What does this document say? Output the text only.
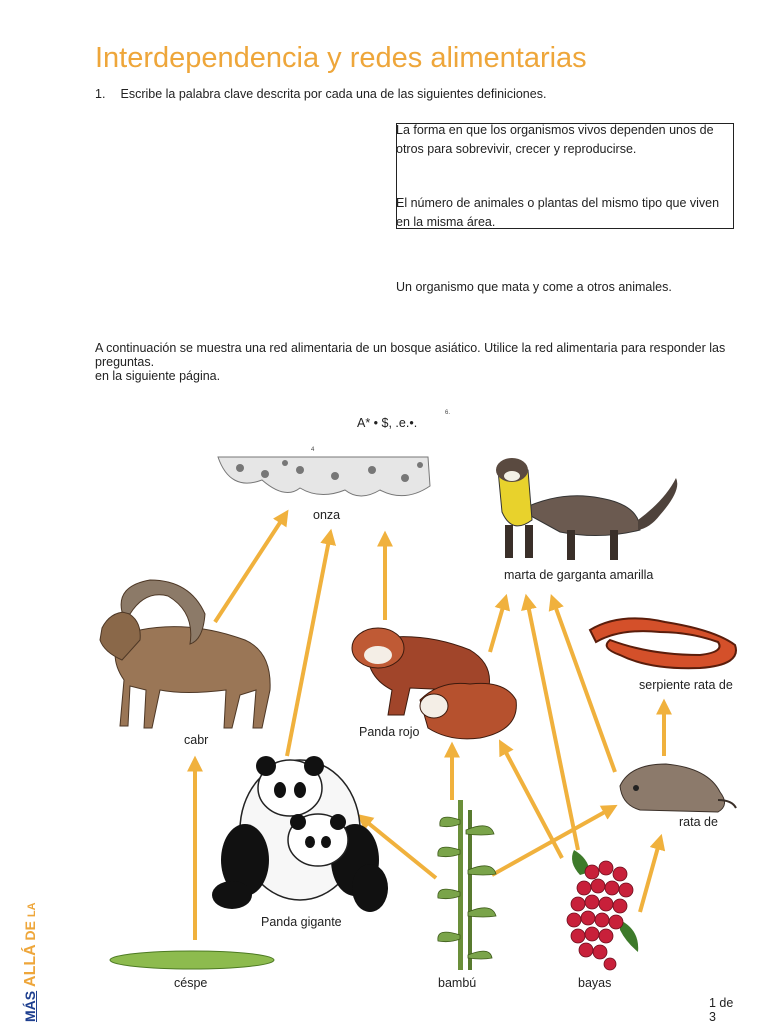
Interdependencia y redes alimentarias
1. Escribe la palabra clave descrita por cada una de las siguientes definiciones.
La forma en que los organismos vivos dependen unos de otros para sobrevivir, crecer y reproducirse.
El número de animales o plantas del mismo tipo que viven en la misma área.
Un organismo que mata y come a otros animales.
A continuación se muestra una red alimentaria de un bosque asiático. Utilice la red alimentaria para responder las preguntas.
en la siguiente página.
A* • $, .e.•.
6.
4
onza
marta de garganta amarilla
serpiente rata de
cabr
Panda rojo
rata de
Panda gigante
céspe	bambú	bayas
MÁS ALLÁ DE LA
1 de
3
